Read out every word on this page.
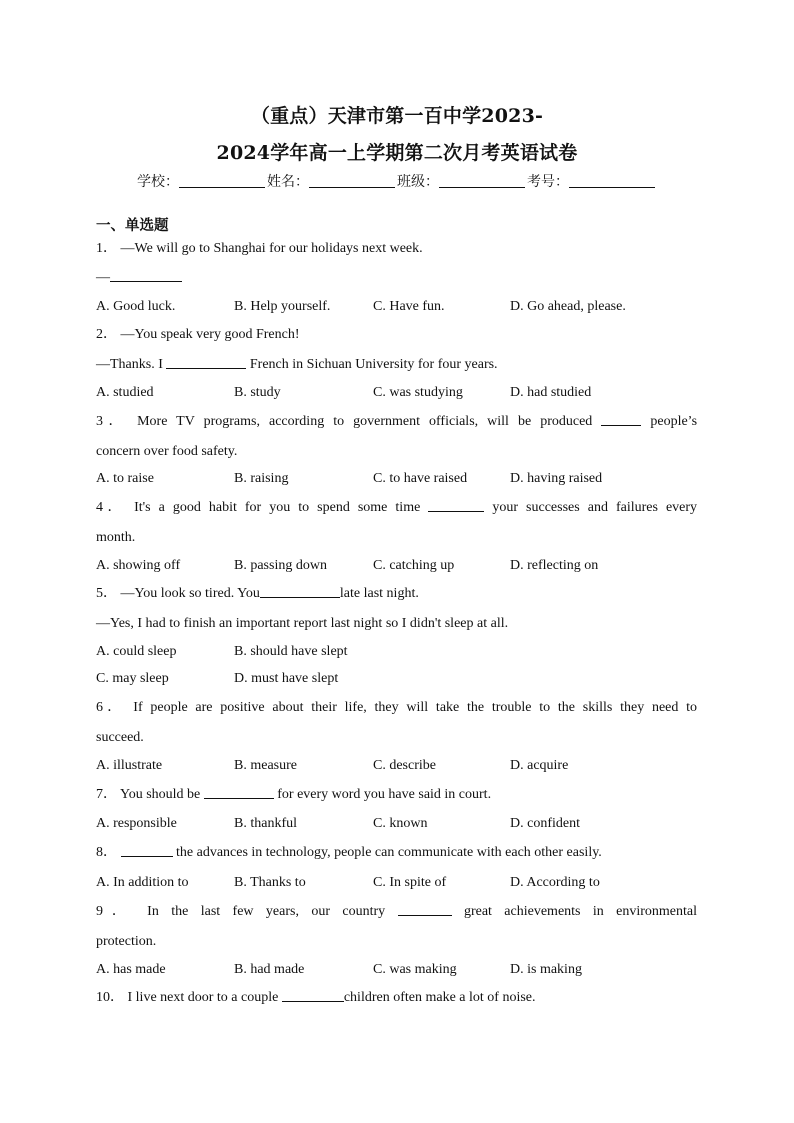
（重点）天津市第一百中学2023-
2024学年高一上学期第二次月考英语试卷
学校：	姓名：	班级：	考号：
一、单选题
1． —We will go to Shanghai for our holidays next week.
—
A. Good luck.	B. Help yourself.	C. Have fun.	D. Go ahead, please.
2． —You speak very good French!
—Thanks. I	French in Sichuan University for four years.
A. studied	B. study	C. was studying	D. had studied
3． More TV programs, according to government officials, will be produced	people’s
concern over food safety.
A. to raise	B. raising	C. to have raised	D. having raised
4． It's a good habit for you to spend some time	your successes and failures every
month.
A. showing off	B. passing down	C. catching up	D. reflecting on
5． —You look so tired. You	late last night.
—Yes, I had to finish an important report last night so I didn't sleep at all.
A. could sleep	B. should have slept
C. may sleep	D. must have slept
6． If people are positive about their life, they will take the trouble to the skills they need to
succeed.
A. illustrate	B. measure	C. describe	D. acquire
7． You should be	for every word you have said in court.
A. responsible	B. thankful	C. known	D. confident
8．	the advances in technology, people can communicate with each other easily.
A. In addition to	B. Thanks to	C. In spite of	D. According to
9． In the last few years, our country	great achievements in environmental
protection.
A. has made	B. had made	C. was making	D. is making
10． I live next door to a couple	children often make a lot of noise.
